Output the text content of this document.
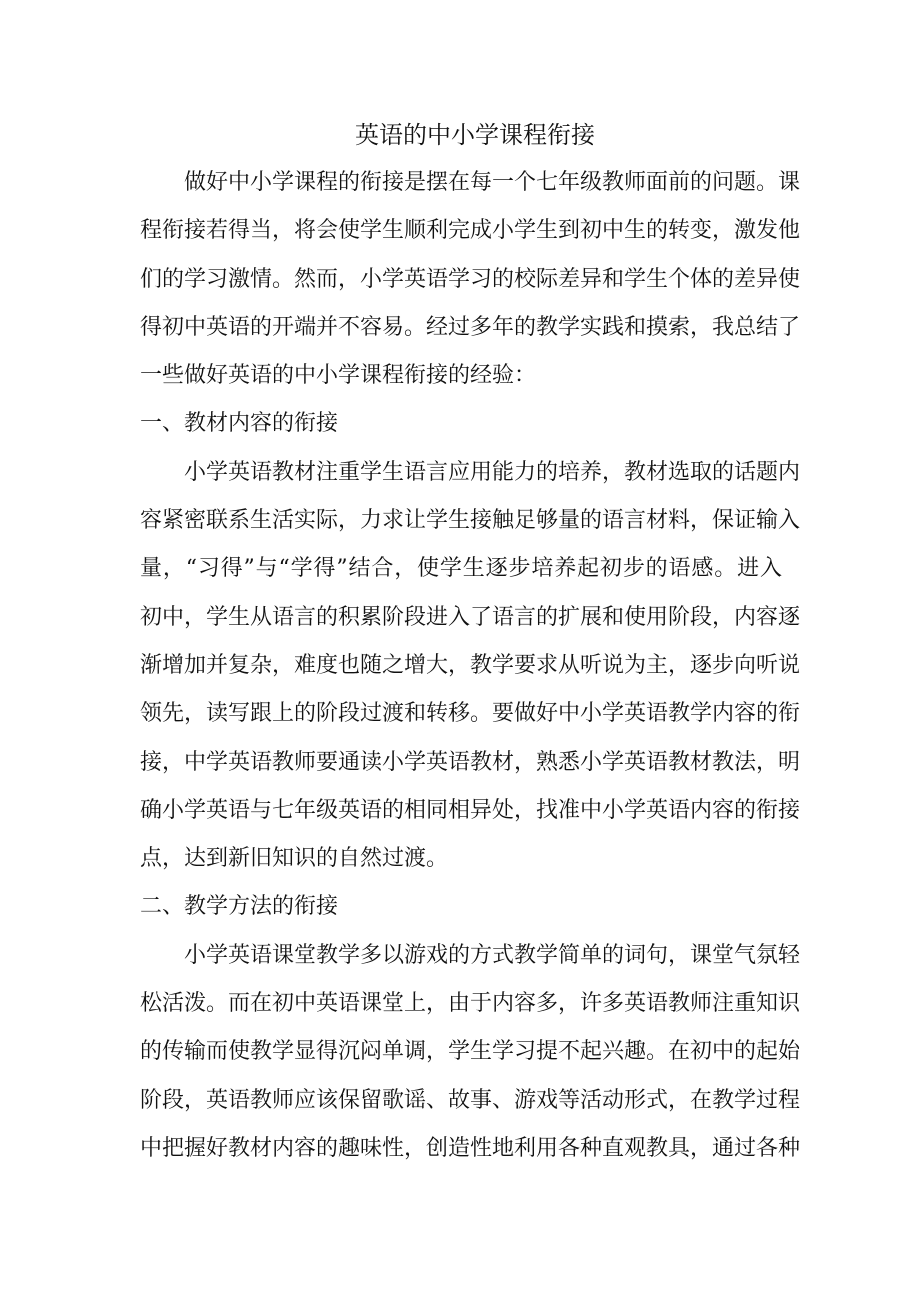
英语的中小学课程衔接
做好中小学课程的衔接是摆在每一个七年级教师面前的问题。课
程衔接若得当，将会使学生顺利完成小学生到初中生的转变，激发他
们的学习激情。然而，小学英语学习的校际差异和学生个体的差异使
得初中英语的开端并不容易。经过多年的教学实践和摸索，我总结了
一些做好英语的中小学课程衔接的经验：
一、教材内容的衔接
小学英语教材注重学生语言应用能力的培养，教材选取的话题内
容紧密联系生活实际，力求让学生接触足够量的语言材料，保证输入
量，“习得”与“学得”结合，使学生逐步培养起初步的语感。进入
初中，学生从语言的积累阶段进入了语言的扩展和使用阶段，内容逐
渐增加并复杂，难度也随之增大，教学要求从听说为主，逐步向听说
领先，读写跟上的阶段过渡和转移。要做好中小学英语教学内容的衔
接，中学英语教师要通读小学英语教材，熟悉小学英语教材教法，明
确小学英语与七年级英语的相同相异处，找准中小学英语内容的衔接
点，达到新旧知识的自然过渡。
二、教学方法的衔接
小学英语课堂教学多以游戏的方式教学简单的词句，课堂气氛轻
松活泼。而在初中英语课堂上，由于内容多，许多英语教师注重知识
的传输而使教学显得沉闷单调，学生学习提不起兴趣。在初中的起始
阶段，英语教师应该保留歌谣、故事、游戏等活动形式，在教学过程
中把握好教材内容的趣味性，创造性地利用各种直观教具，通过各种
